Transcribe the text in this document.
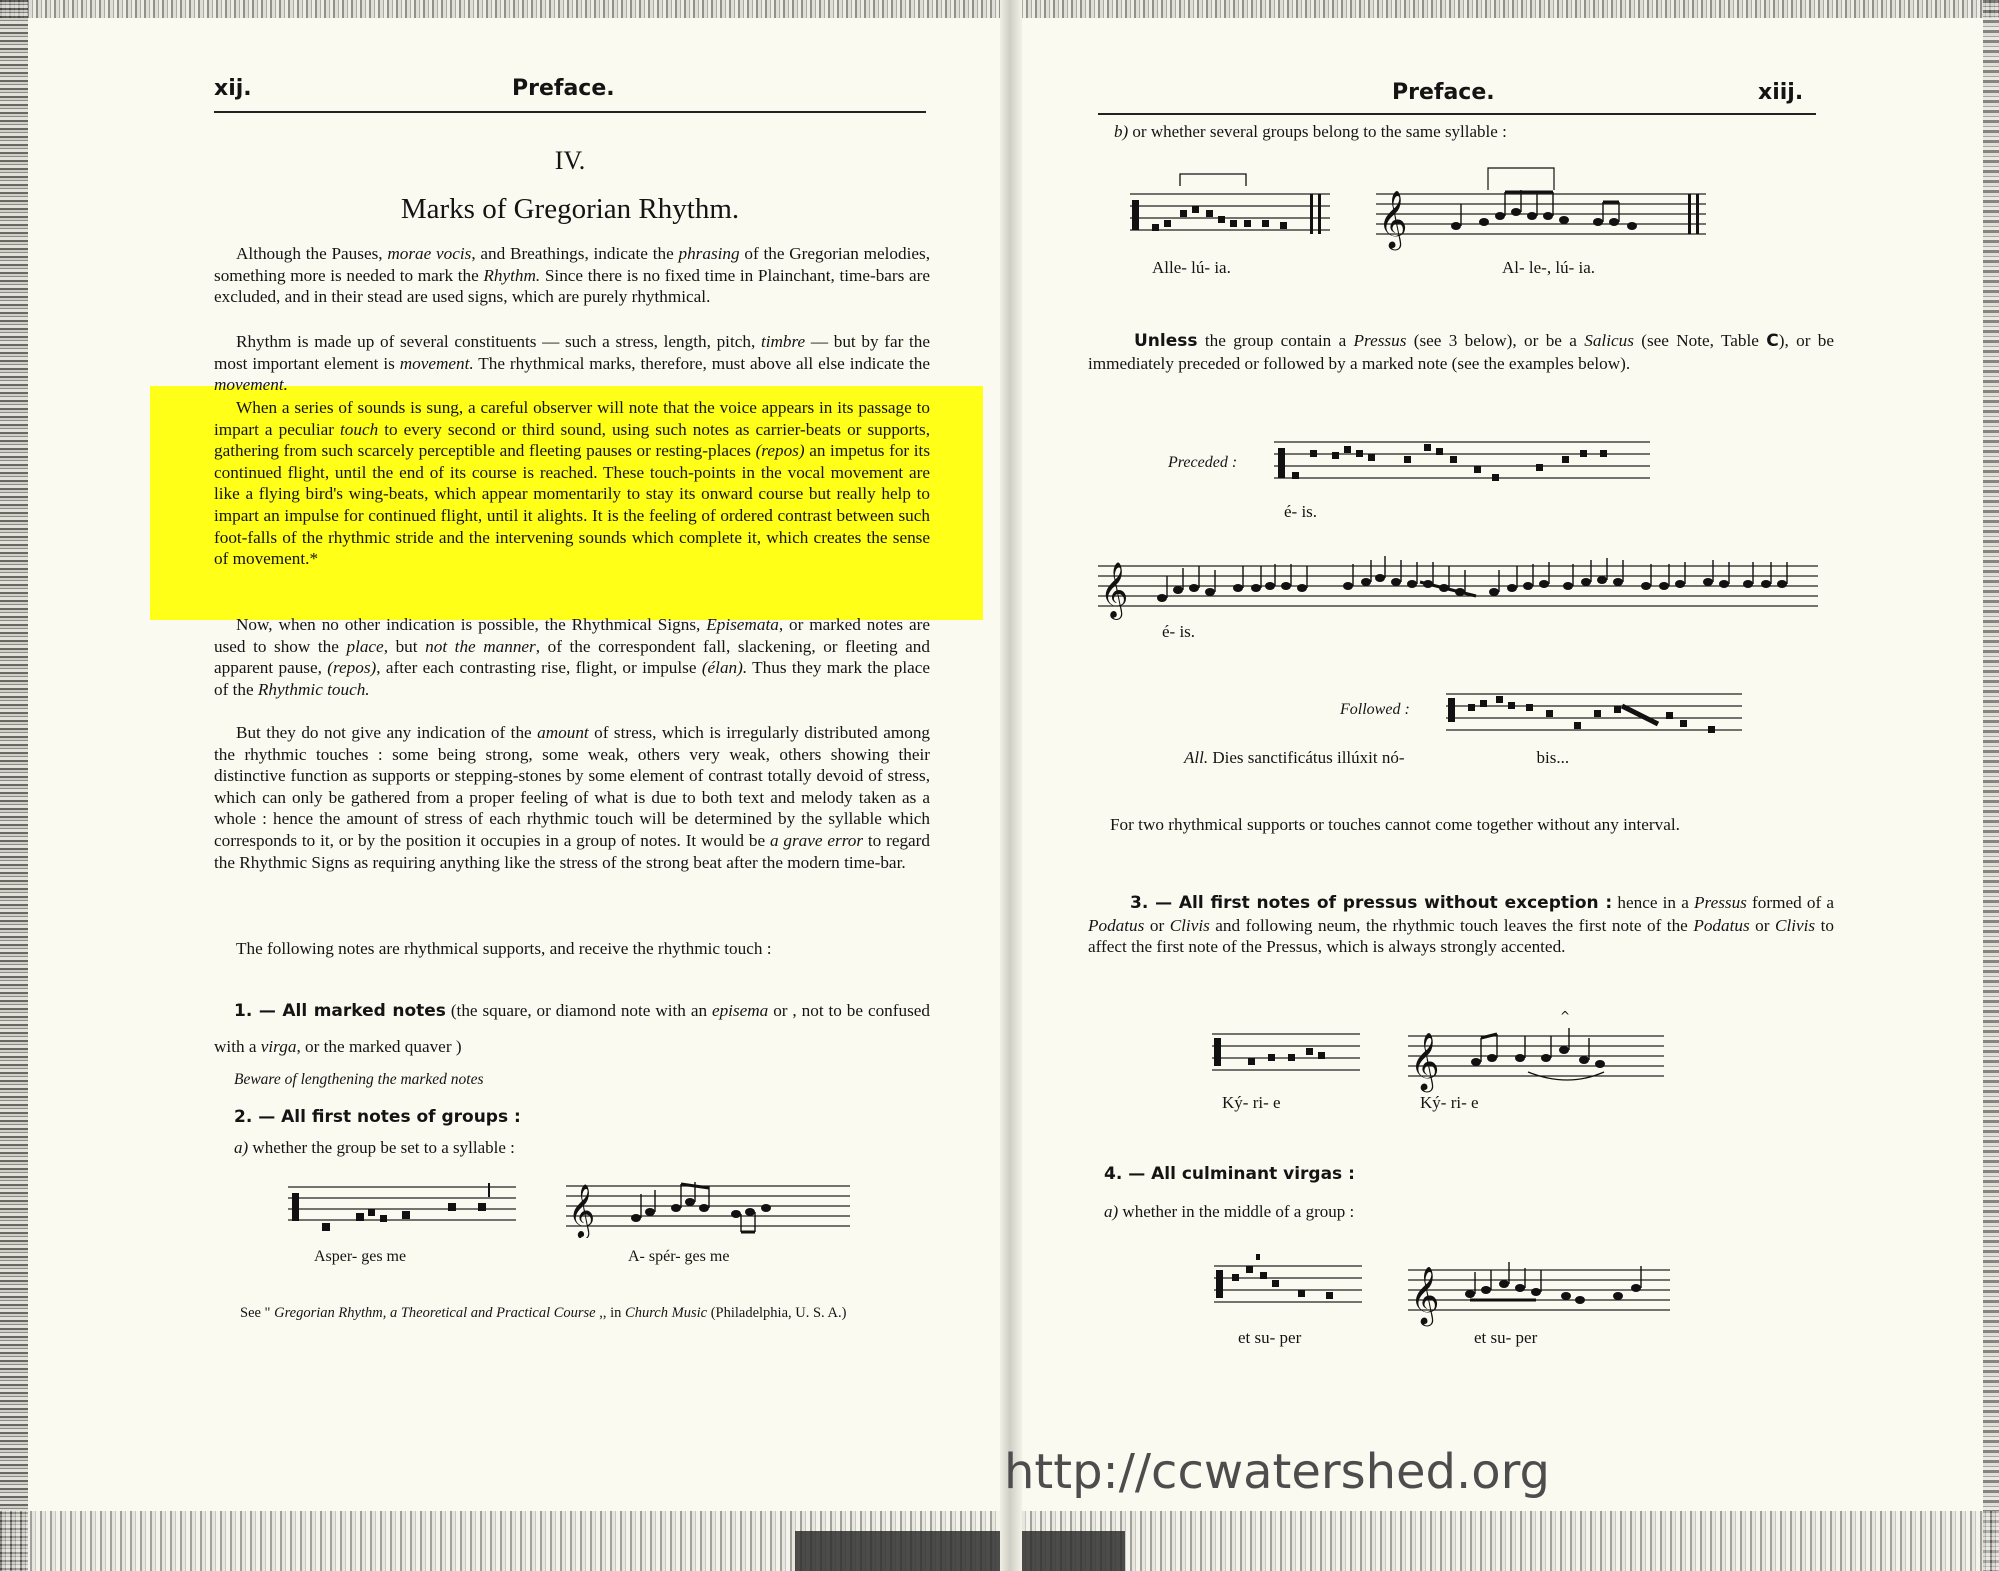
xij.	Preface.
IV.
Marks of Gregorian Rhythm.
Although the Pauses, morae vocis, and Breathings, indicate the phrasing of the Gregorian melodies, something more is needed to mark the Rhythm. Since there is no fixed time in Plainchant, time-bars are excluded, and in their stead are used signs, which are purely rhythmical.
Rhythm is made up of several constituents — such a stress, length, pitch, timbre — but by far the most important element is movement. The rhythmical marks, therefore, must above all else indicate the movement.
When a series of sounds is sung, a careful observer will note that the voice appears in its passage to impart a peculiar touch to every second or third sound, using such notes as carrier-beats or supports, gathering from such scarcely perceptible and fleeting pauses or resting-places (repos) an impetus for its continued flight, until the end of its course is reached. These touch-points in the vocal movement are like a flying bird's wing-beats, which appear momentarily to stay its onward course but really help to impart an impulse for continued flight, until it alights. It is the feeling of ordered contrast between such foot-falls of the rhythmic stride and the intervening sounds which complete it, which creates the sense of movement.*
Now, when no other indication is possible, the Rhythmical Signs, Episemata, or marked notes are used to show the place, but not the manner, of the correspondent fall, slackening, or fleeting and apparent pause, (repos), after each contrasting rise, flight, or impulse (élan). Thus they mark the place of the Rhythmic touch.
But they do not give any indication of the amount of stress, which is irregularly distributed among the rhythmic touches : some being strong, some weak, others very weak, others showing their distinctive function as supports or stepping-stones by some element of contrast totally devoid of stress, which can only be gathered from a proper feeling of what is due to both text and melody taken as a whole : hence the amount of stress of each rhythmic touch will be determined by the syllable which corresponds to it, or by the position it occupies in a group of notes. It would be a grave error to regard the Rhythmic Signs as requiring anything like the stress of the strong beat after the modern time-bar.
The following notes are rhythmical supports, and receive the rhythmic touch :
1. — All marked notes (the square, or diamond note with an episema or , not to be confused with a virga, or the marked quaver )
Beware of lengthening the marked notes
2. — All first notes of groups :
a) whether the group be set to a syllable :
Asper- ges me
𝄞
A- spér- ges me
See " Gregorian Rhythm, a Theoretical and Practical Course ,, in Church Music (Philadelphia, U. S. A.)
Preface.	xiij.
b) or whether several groups belong to the same syllable :
Alle- lú- ia.
𝄞
Al- le-, lú- ia.
Unless the group contain a Pressus (see 3 below), or be a Salicus (see Note, Table C), or be immediately preceded or followed by a marked note (see the examples below).
Preceded :
é- is.
𝄞
é- is.
Followed :
All. Dies sanctificátus illúxit nó-	bis...
For two rhythmical supports or touches cannot come together without any interval.
3. — All first notes of pressus without exception : hence in a Pressus formed of a Podatus or Clivis and following neum, the rhythmic touch leaves the first note of the Podatus or Clivis to affect the first note of the Pressus, which is always strongly accented.
Ký- ri- e
𝄞
^
Ký- ri- e
4. — All culminant virgas :
a) whether in the middle of a group :
et su- per
𝄞
et su- per
http://ccwatershed.org
